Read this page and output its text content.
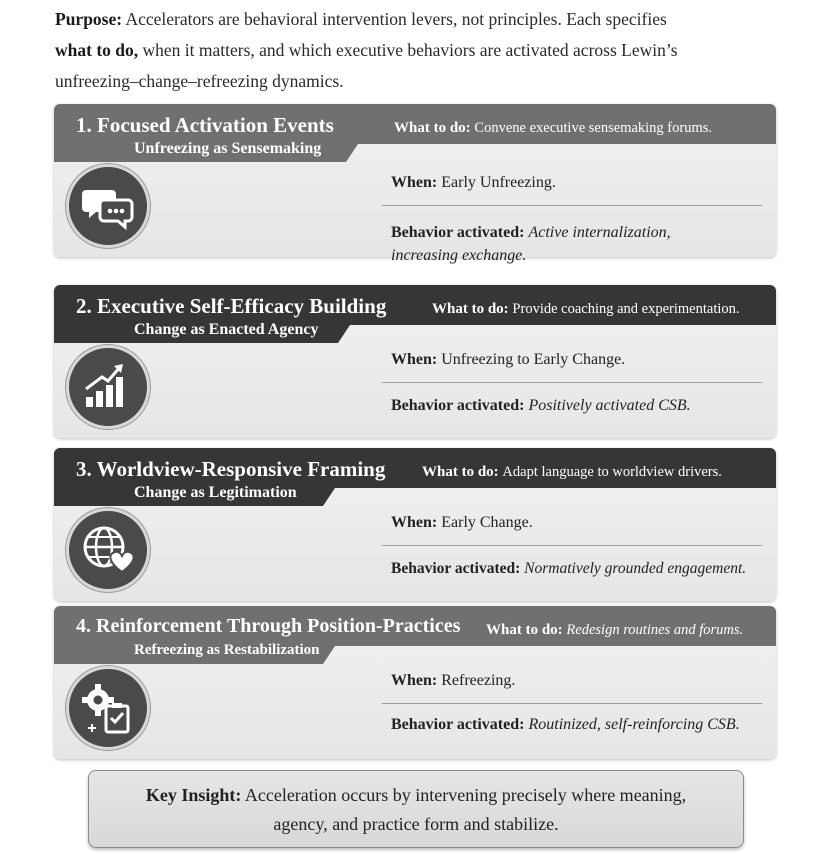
Purpose: Accelerators are behavioral intervention levers, not principles. Each specifies
what to do, when it matters, and which executive behaviors are activated across Lewin’s
unfreezing–change–refreezing dynamics.
1. Focused Activation Events
Unfreezing as Sensemaking
What to do: Convene executive sensemaking forums.
When: Early Unfreezing.
Behavior activated: Active internalization, increasing exchange.
2. Executive Self-Efficacy Building
Change as Enacted Agency
What to do: Provide coaching and experimentation.
When: Unfreezing to Early Change.
Behavior activated: Positively activated CSB.
3. Worldview-Responsive Framing
Change as Legitimation
What to do: Adapt language to worldview drivers.
When: Early Change.
Behavior activated: Normatively grounded engagement.
4. Reinforcement Through Position-Practices
Refreezing as Restabilization
What to do: Redesign routines and forums.
When: Refreezing.
Behavior activated: Routinized, self-reinforcing CSB.
Key Insight: Acceleration occurs by intervening precisely where meaning,
agency, and practice form and stabilize.
